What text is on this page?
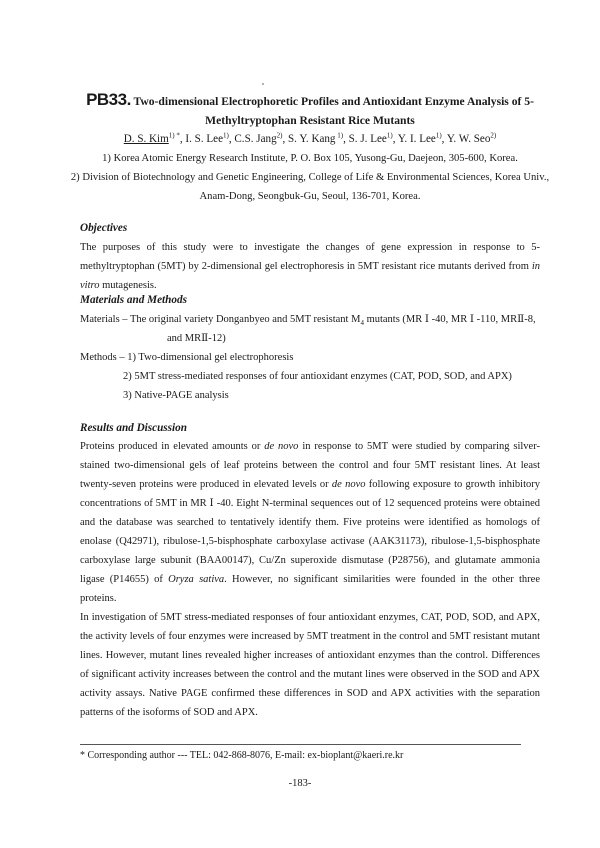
PB33. Two-dimensional Electrophoretic Profiles and Antioxidant Enzyme Analysis of 5-
Methyltryptophan Resistant Rice Mutants
D. S. Kim$^{1) *}$, I. S. Lee$^{1)}$, C.S. Jang$^{2)}$, S. Y. Kang $^{1)}$, S. J. Lee$^{1)}$, Y. I. Lee$^{1)}$, Y. W. Seo$^{2)}$
1) Korea Atomic Energy Research Institute, P. O. Box 105, Yusong-Gu, Daejeon, 305-600, Korea.
2) Division of Biotechnology and Genetic Engineering, College of Life & Environmental Sciences, Korea Univ.,
Anam-Dong, Seongbuk-Gu, Seoul, 136-701, Korea.
Objectives

The purposes of this study were to investigate the changes of gene expression in response to 5-methyltryptophan (5MT) by 2-dimensional gel electrophoresis in 5MT resistant rice mutants derived from in vitro mutagenesis.

Materials and Methods
Materials – The original variety Donganbyeo and 5MT resistant $M_4$ mutants (MR Ⅰ -40, MR Ⅰ -110, MRⅡ-8,
and MRⅡ-12)
Methods – 1) Two-dimensional gel electrophoresis
2) 5MT stress-mediated responses of four antioxidant enzymes (CAT, POD, SOD, and APX)
3) Native-PAGE analysis
Results and Discussion

Proteins produced in elevated amounts or de novo in response to 5MT were studied by comparing silver-stained two-dimensional gels of leaf proteins between the control and four 5MT resistant lines. At least twenty-seven proteins were produced in elevated levels or de novo following exposure to growth inhibitory concentrations of 5MT in MR Ⅰ -40. Eight N-terminal sequences out of 12 sequenced proteins were obtained and the database was searched to tentatively identify them. Five proteins were identified as homologs of enolase (Q42971), ribulose-1,5-bisphosphate carboxylase activase (AAK31173), ribulose-1,5-bisphosphate carboxylase large subunit (BAA00147), Cu/Zn superoxide dismutase (P28756), and glutamate ammonia ligase (P14655) of Oryza sativa. However, no significant similarities were founded in the other three proteins.

In investigation of 5MT stress-mediated responses of four antioxidant enzymes, CAT, POD, SOD, and APX, the activity levels of four enzymes were increased by 5MT treatment in the control and 5MT resistant mutant lines. However, mutant lines revealed higher increases of antioxidant enzymes than the control. Differences of significant activity increases between the control and the mutant lines were observed in the SOD and APX activity assays. Native PAGE confirmed these differences in SOD and APX activities with the separation patterns of the isoforms of SOD and APX.

* Corresponding author --- TEL: 042-868-8076, E-mail: ex-bioplant@kaeri.re.kr
-183-
